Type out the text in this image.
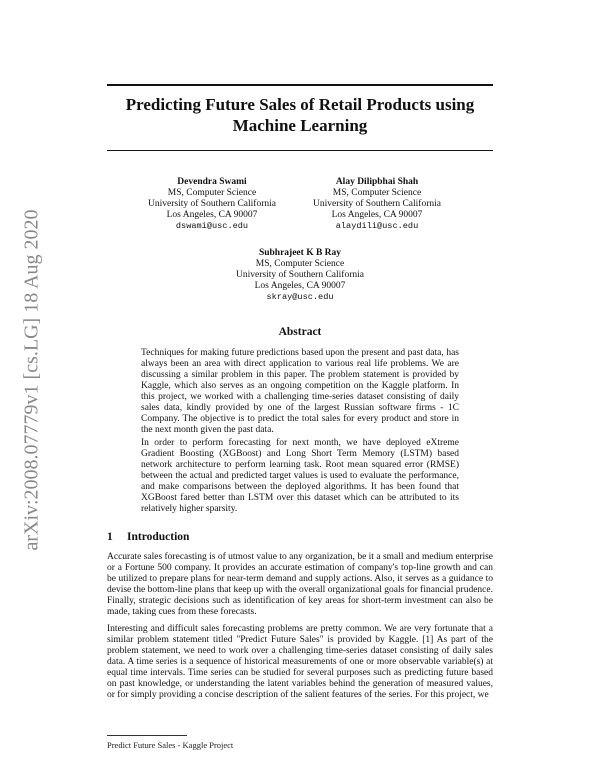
arXiv:2008.07779v1 [cs.LG] 18 Aug 2020
Predicting Future Sales of Retail Products using Machine Learning
Devendra Swami
MS, Computer Science
University of Southern California
Los Angeles, CA 90007
dswami@usc.edu
Alay Dilipbhai Shah
MS, Computer Science
University of Southern California
Los Angeles, CA 90007
alaydili@usc.edu
Subhrajeet K B Ray
MS, Computer Science
University of Southern California
Los Angeles, CA 90007
skray@usc.edu
Abstract

Techniques for making future predictions based upon the present and past data, has always been an area with direct application to various real life problems. We are discussing a similar problem in this paper. The problem statement is provided by Kaggle, which also serves as an ongoing competition on the Kaggle platform. In this project, we worked with a challenging time-series dataset consisting of daily sales data, kindly provided by one of the largest Russian software firms - 1C Company. The objective is to predict the total sales for every product and store in the next month given the past data.

In order to perform forecasting for next month, we have deployed eXtreme Gradient Boosting (XGBoost) and Long Short Term Memory (LSTM) based network architecture to perform learning task. Root mean squared error (RMSE) between the actual and predicted target values is used to evaluate the performance, and make comparisons between the deployed algorithms. It has been found that XGBoost fared better than LSTM over this dataset which can be attributed to its relatively higher sparsity.

1 Introduction

Accurate sales forecasting is of utmost value to any organization, be it a small and medium enterprise or a Fortune 500 company. It provides an accurate estimation of company's top-line growth and can be utilized to prepare plans for near-term demand and supply actions. Also, it serves as a guidance to devise the bottom-line plans that keep up with the overall organizational goals for financial prudence. Finally, strategic decisions such as identification of key areas for short-term investment can also be made, taking cues from these forecasts.

Interesting and difficult sales forecasting problems are pretty common. We are very fortunate that a similar problem statement titled "Predict Future Sales" is provided by Kaggle. [1] As part of the problem statement, we need to work over a challenging time-series dataset consisting of daily sales data. A time series is a sequence of historical measurements of one or more observable variable(s) at equal time intervals. Time series can be studied for several purposes such as predicting future based on past knowledge, or understanding the latent variables behind the generation of measured values, or for simply providing a concise description of the salient features of the series. For this project, we

Predict Future Sales - Kaggle Project
